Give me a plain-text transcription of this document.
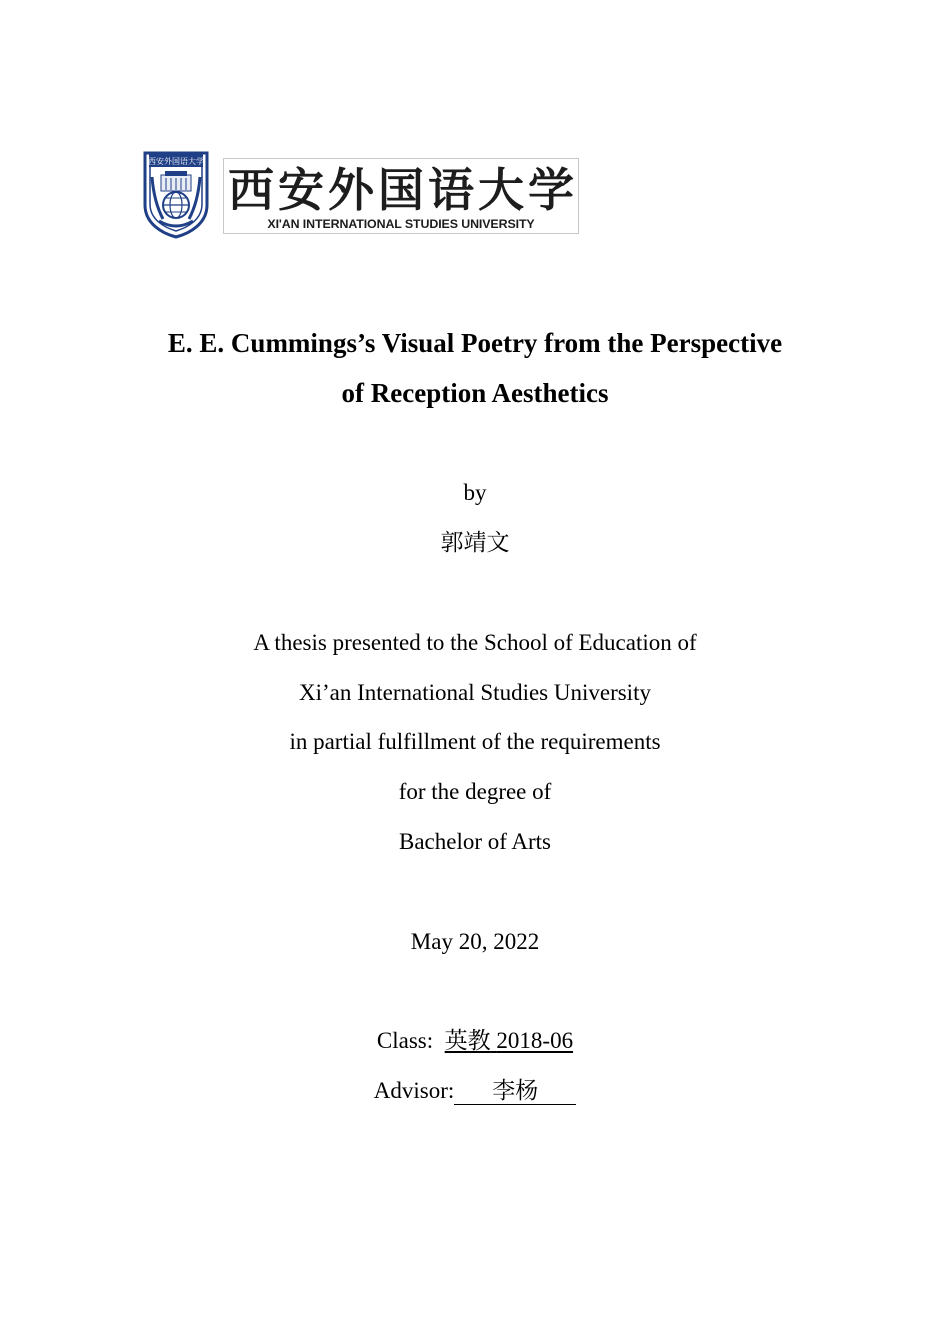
西安外国语大学
西安外国语大学
XI'AN INTERNATIONAL STUDIES UNIVERSITY
E. E. Cummings’s Visual Poetry from the Perspective
of Reception Aesthetics
by
郭靖文
A thesis presented to the School of Education of
Xi’an International Studies University
in partial fulfillment of the requirements
for the degree of
Bachelor of Arts
May 20, 2022
Class: 英教 2018-06
Advisor: 李杨
